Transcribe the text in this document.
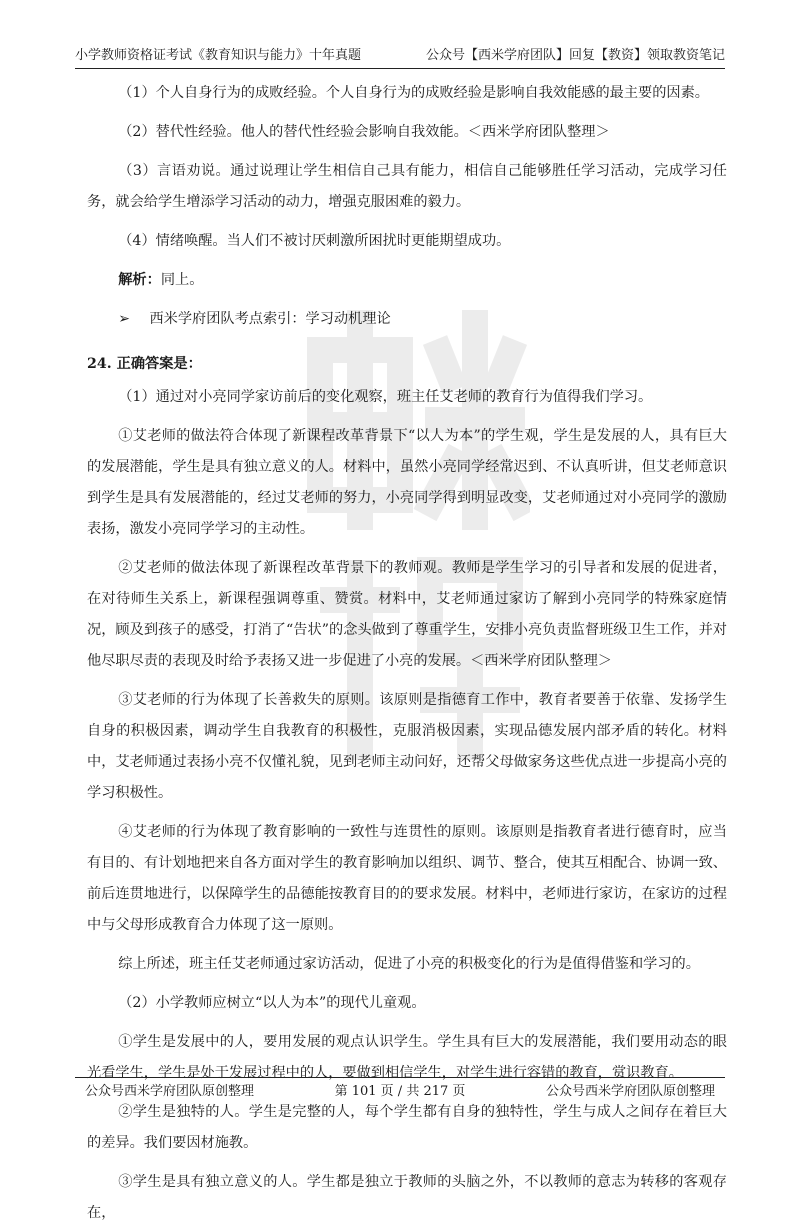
小学教师资格证考试《教育知识与能力》十年真题	公众号【西米学府团队】回复【教资】领取教资笔记

（1）个人自身行为的成败经验。个人自身行为的成败经验是影响自我效能感的最主要的因素。

（2）替代性经验。他人的替代性经验会影响自我效能。＜西米学府团队整理＞

（3）言语劝说。通过说理让学生相信自己具有能力，相信自己能够胜任学习活动，完成学习任务，就会给学生增添学习活动的动力，增强克服困难的毅力。

（4）情绪唤醒。当人们不被讨厌刺激所困扰时更能期望成功。

解析：同上。

➢ 西米学府团队考点索引：学习动机理论

24. 正确答案是：

（1）通过对小亮同学家访前后的变化观察，班主任艾老师的教育行为值得我们学习。

①艾老师的做法符合体现了新课程改革背景下“以人为本”的学生观，学生是发展的人，具有巨大的发展潜能，学生是具有独立意义的人。材料中，虽然小亮同学经常迟到、不认真听讲，但艾老师意识到学生是具有发展潜能的，经过艾老师的努力，小亮同学得到明显改变，艾老师通过对小亮同学的激励表扬，激发小亮同学学习的主动性。

②艾老师的做法体现了新课程改革背景下的教师观。教师是学生学习的引导者和发展的促进者，在对待师生关系上，新课程强调尊重、赞赏。材料中，艾老师通过家访了解到小亮同学的特殊家庭情况，顾及到孩子的感受，打消了“告状”的念头做到了尊重学生，安排小亮负责监督班级卫生工作，并对他尽职尽责的表现及时给予表扬又进一步促进了小亮的发展。＜西米学府团队整理＞

③艾老师的行为体现了长善救失的原则。该原则是指德育工作中，教育者要善于依靠、发扬学生自身的积极因素，调动学生自我教育的积极性，克服消极因素，实现品德发展内部矛盾的转化。材料中，艾老师通过表扬小亮不仅懂礼貌，见到老师主动问好，还帮父母做家务这些优点进一步提高小亮的学习积极性。

④艾老师的行为体现了教育影响的一致性与连贯性的原则。该原则是指教育者进行德育时，应当有目的、有计划地把来自各方面对学生的教育影响加以组织、调节、整合，使其互相配合、协调一致、前后连贯地进行，以保障学生的品德能按教育目的的要求发展。材料中，老师进行家访，在家访的过程中与父母形成教育合力体现了这一原则。

综上所述，班主任艾老师通过家访活动，促进了小亮的积极变化的行为是值得借鉴和学习的。

（2）小学教师应树立“以人为本”的现代儿童观。

①学生是发展中的人，要用发展的观点认识学生。学生具有巨大的发展潜能，我们要用动态的眼光看学生，学生是处于发展过程中的人，要做到相信学生，对学生进行容错的教育，赏识教育。

②学生是独特的人。学生是完整的人，每个学生都有自身的独特性，学生与成人之间存在着巨大的差异。我们要因材施教。

③学生是具有独立意义的人。学生都是独立于教师的头脑之外，不以教师的意志为转移的客观存在，

公众号西米学府团队原创整理	第 101 页 / 共 217 页	公众号西米学府团队原创整理
